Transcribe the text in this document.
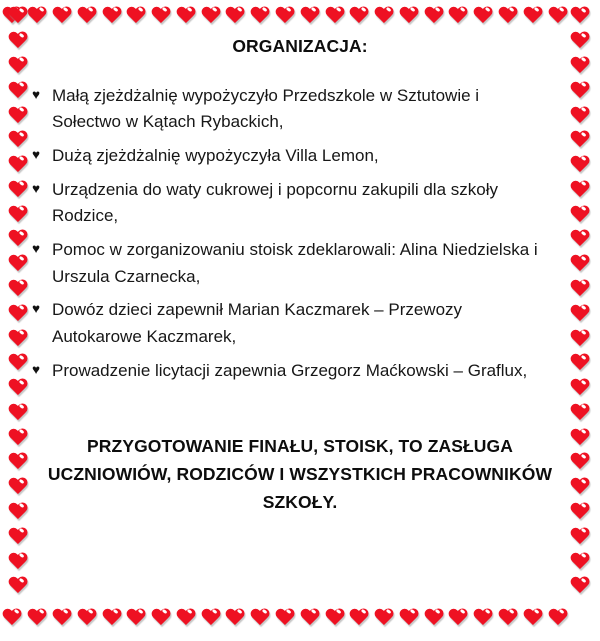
ORGANIZACJA:
♥ Małą zjeżdżalnię wypożyczyło Przedszkole w Sztutowie i Sołectwo w Kątach Rybackich,
♥ Dużą zjeżdżalnię wypożyczyła Villa Lemon,
♥ Urządzenia do waty cukrowej i popcornu zakupili dla szkoły Rodzice,
♥ Pomoc w zorganizowaniu stoisk zdeklarowali: Alina Niedzielska i Urszula Czarnecka,
♥ Dowóz dzieci zapewnił Marian Kaczmarek – Przewozy Autokarowe Kaczmarek,
♥ Prowadzenie licytacji zapewnia Grzegorz Maćkowski – Graflux,

PRZYGOTOWANIE FINAŁU, STOISK, TO ZASŁUGA UCZNIOWIÓW, RODZICÓW I WSZYSTKICH PRACOWNIKÓW SZKOŁY.
